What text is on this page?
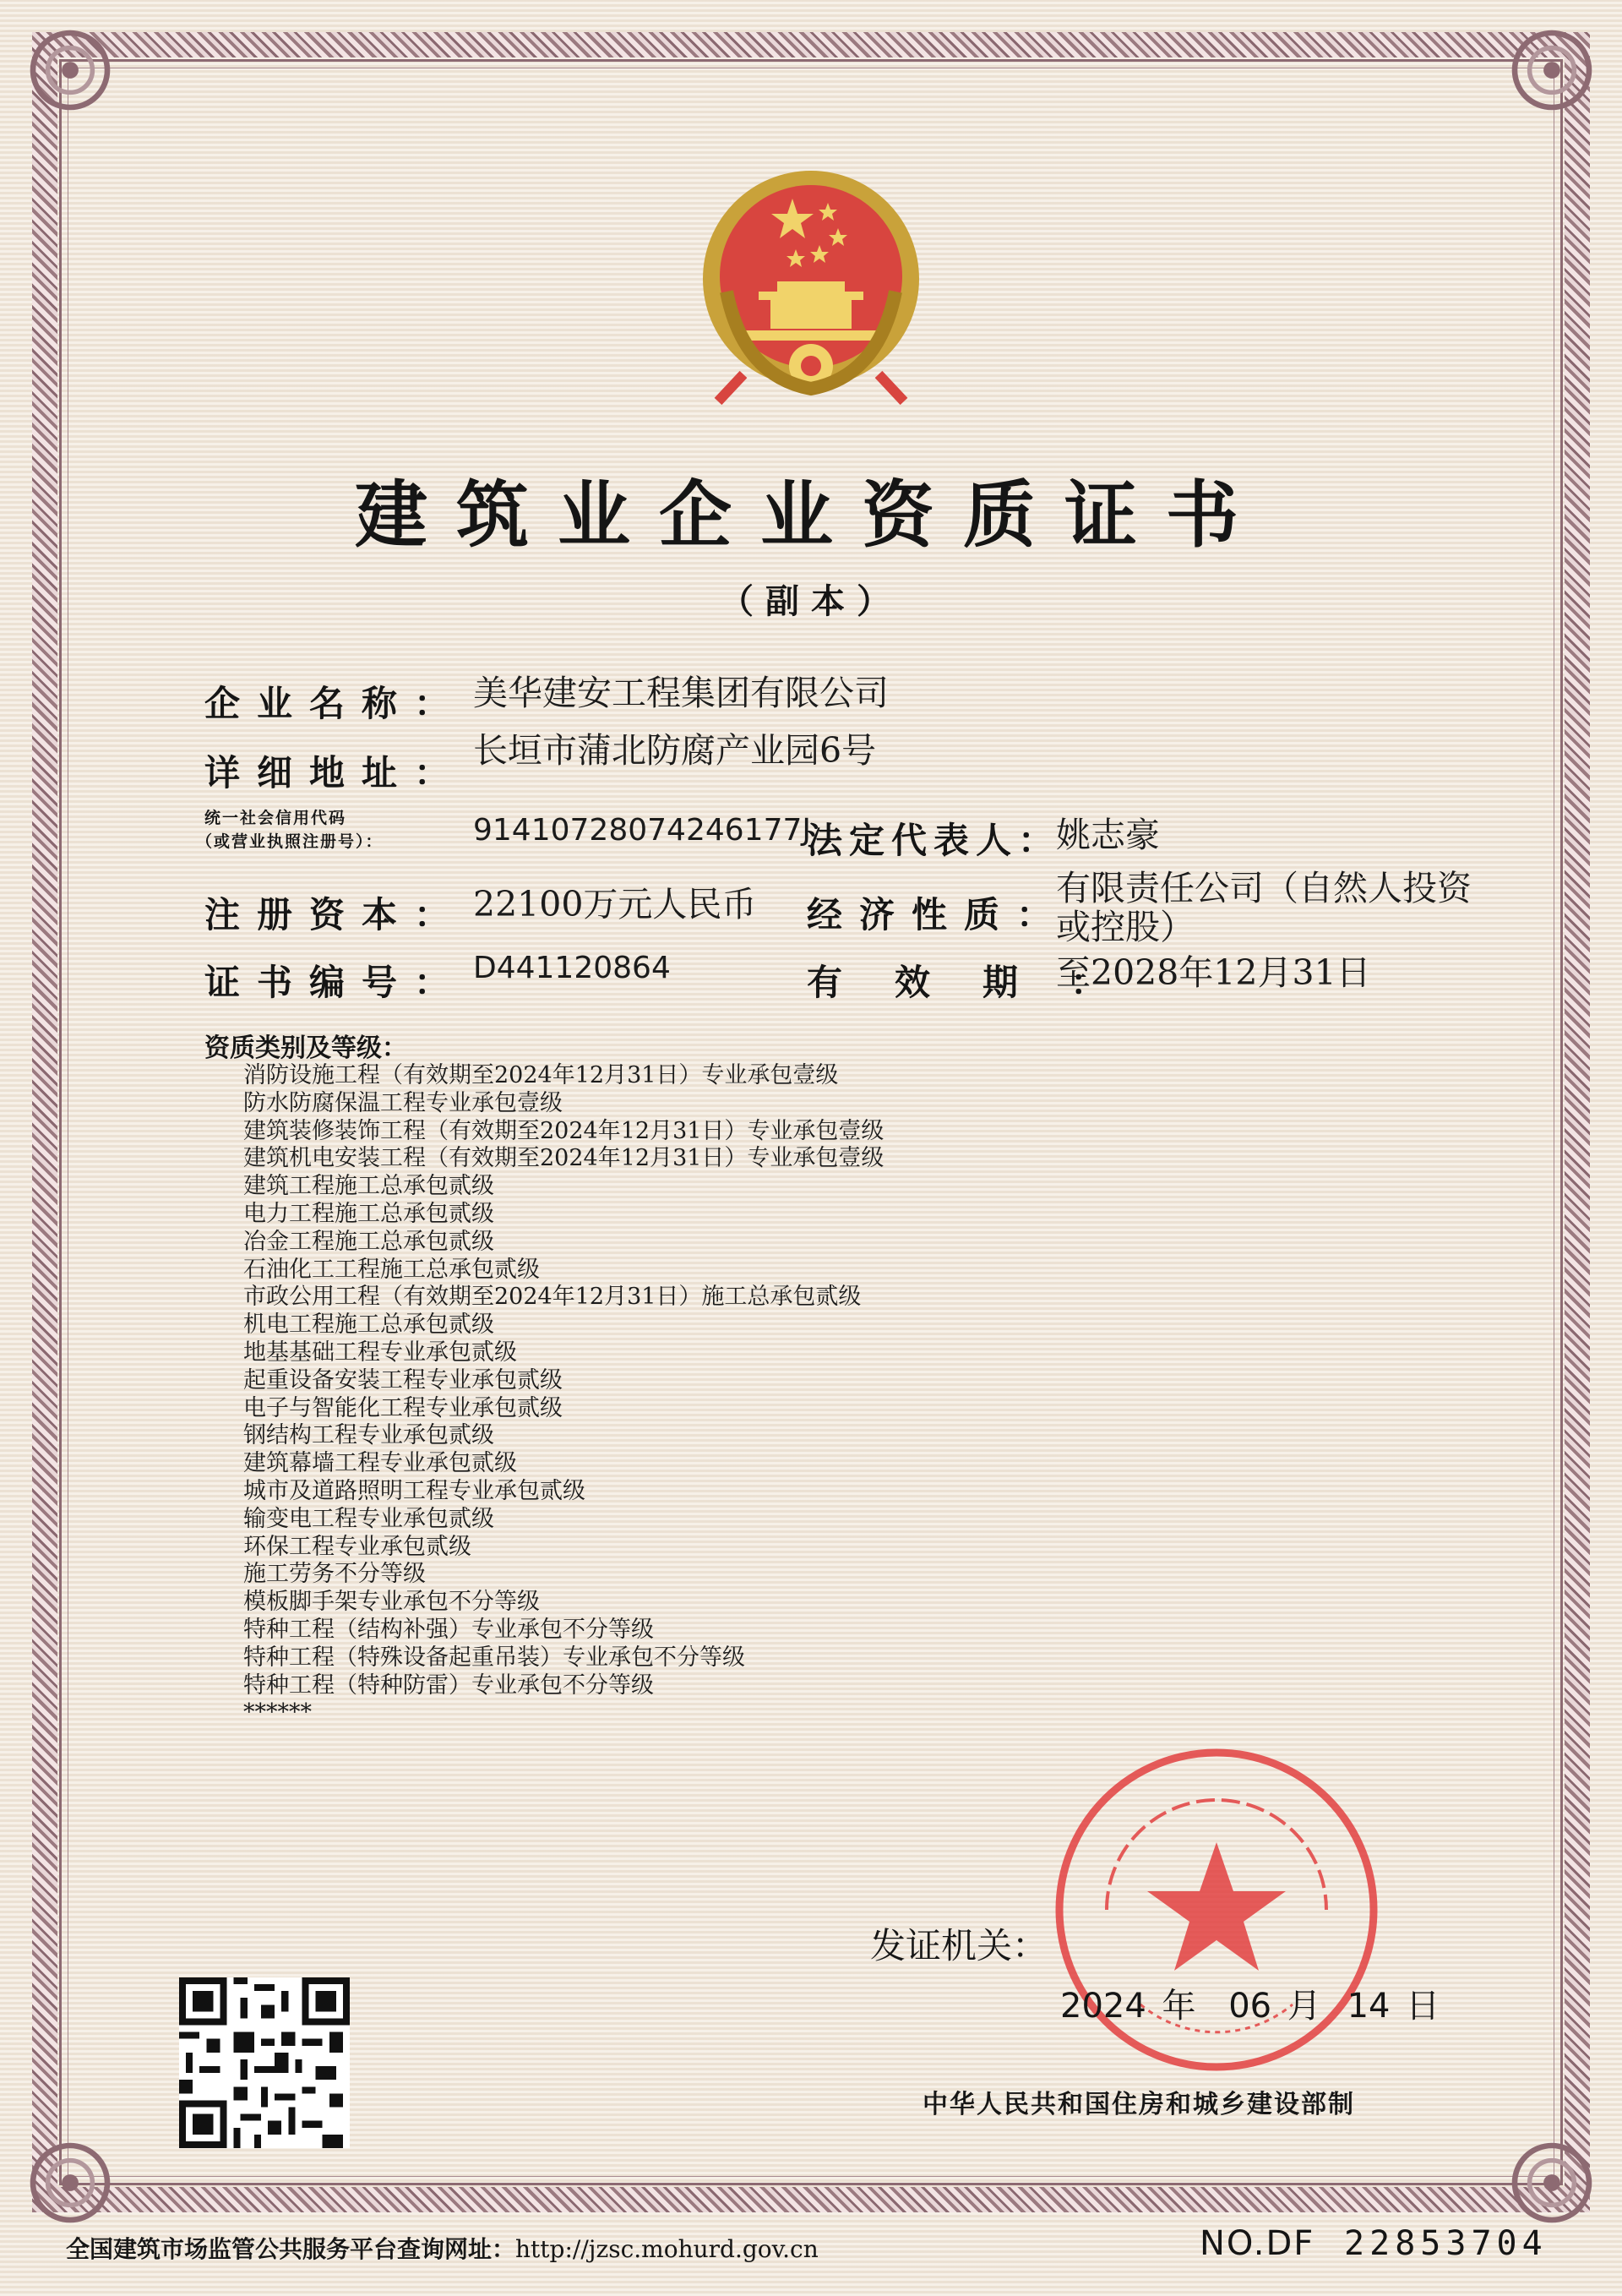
建筑业企业资质证书
（副本）
企业名称： 美华建安工程集团有限公司
详细地址：
长垣市蒲北防腐产业园6号
统一社会信用代码
（或营业执照注册号）：	91410728074246177J
法定代表人：
姚志豪
注册资本： 22100万元人民币 经济性质：
有限责任公司（自然人投资
或控股）
证书编号： D441120864	有效期：
至2028年12月31日
资质类别及等级：
消防设施工程（有效期至2024年12月31日）专业承包壹级
防水防腐保温工程专业承包壹级
建筑装修装饰工程（有效期至2024年12月31日）专业承包壹级
建筑机电安装工程（有效期至2024年12月31日）专业承包壹级
建筑工程施工总承包贰级
电力工程施工总承包贰级
冶金工程施工总承包贰级
石油化工工程施工总承包贰级
市政公用工程（有效期至2024年12月31日）施工总承包贰级
机电工程施工总承包贰级
地基基础工程专业承包贰级
起重设备安装工程专业承包贰级
电子与智能化工程专业承包贰级
钢结构工程专业承包贰级
建筑幕墙工程专业承包贰级
城市及道路照明工程专业承包贰级
输变电工程专业承包贰级
环保工程专业承包贰级
施工劳务不分等级
模板脚手架专业承包不分等级
特种工程（结构补强）专业承包不分等级
特种工程（特殊设备起重吊装）专业承包不分等级
特种工程（特种防雷）专业承包不分等级
******
发证机关：
2024 年 06 月 14 日
中华人民共和国住房和城乡建设部制
全国建筑市场监管公共服务平台查询网址：http://jzsc.mohurd.gov.cn	NO.DF 22853704
